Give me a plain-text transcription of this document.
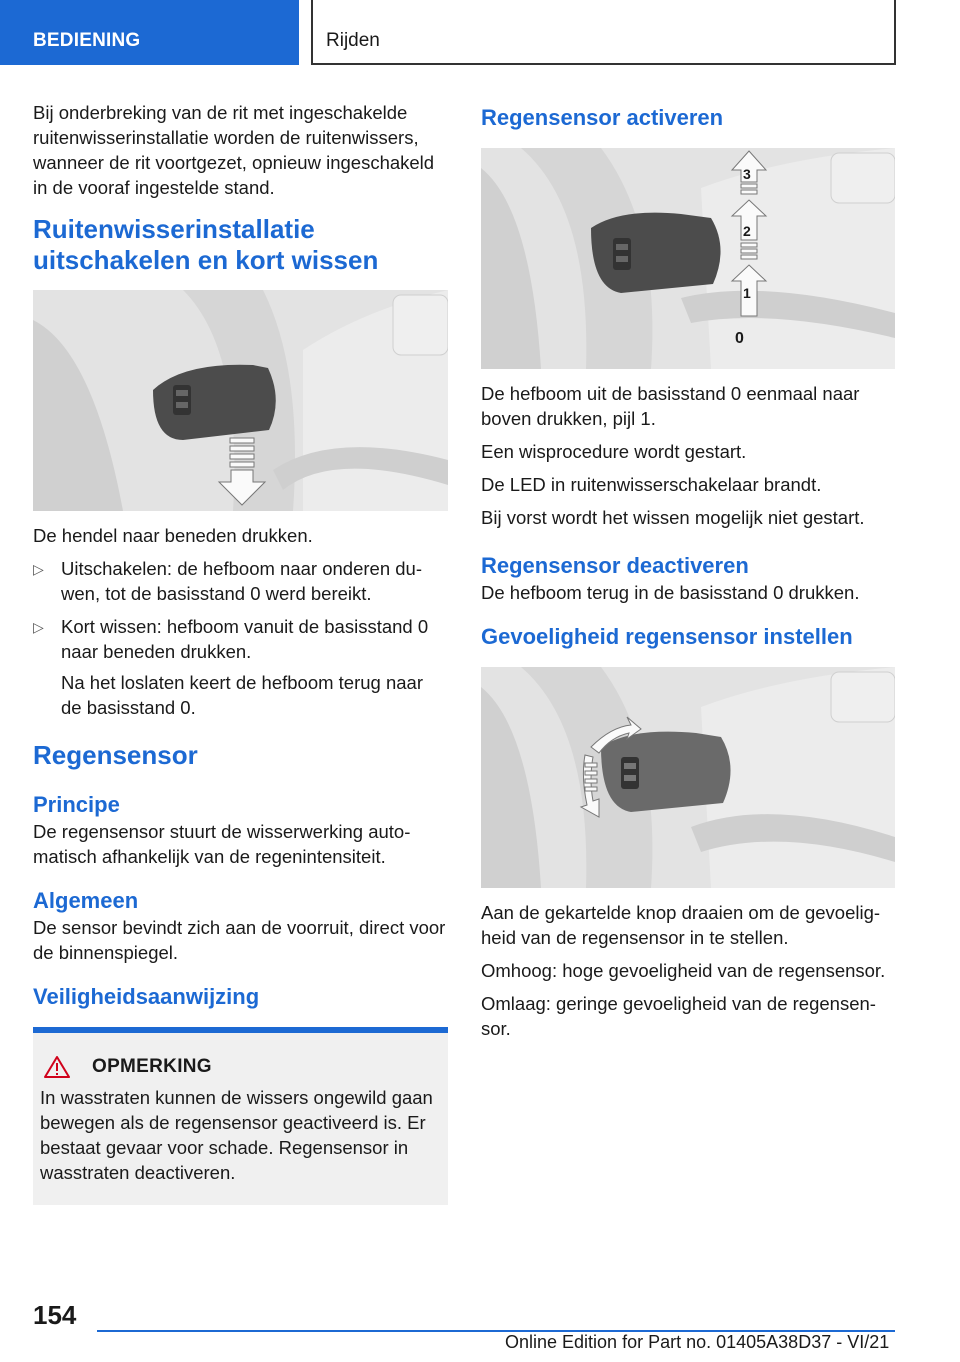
BEDIENING	Rijden

Bij onderbreking van de rit met ingeschakelde ruitenwisserinstallatie worden de ruitenwissers, wanneer de rit voortgezet, opnieuw ingeschakeld in de vooraf ingestelde stand.

Ruitenwisserinstallatie uitschakelen en kort wissen

De hendel naar beneden drukken.

▷ Uitschakelen: de hefboom naar onderen duwen, tot de basisstand 0 werd bereikt.
▷ Kort wissen: hefboom vanuit de basisstand 0 naar beneden drukken.

Na het loslaten keert de hefboom terug naar de basisstand 0.

Regensensor
Principe

De regensensor stuurt de wisserwerking automatisch afhankelijk van de regenintensiteit.

Algemeen

De sensor bevindt zich aan de voorruit, direct voor de binnenspiegel.

Veiligheidsaanwijzing
OPMERKING

In wasstraten kunnen de wissers ongewild gaan bewegen als de regensensor geactiveerd is. Er bestaat gevaar voor schade. Regensensor in wasstraten deactiveren.

Regensensor activeren
3
2
1
0

De hefboom uit de basisstand 0 eenmaal naar boven drukken, pijl 1.

Een wisprocedure wordt gestart.

De LED in ruitenwisserschakelaar brandt.

Bij vorst wordt het wissen mogelijk niet gestart.

Regensensor deactiveren

De hefboom terug in de basisstand 0 drukken.

Gevoeligheid regensensor instellen

Aan de gekartelde knop draaien om de gevoeligheid van de regensensor in te stellen.

Omhoog: hoge gevoeligheid van de regensensor.

Omlaag: geringe gevoeligheid van de regensensor.

154
Online Edition for Part no. 01405A38D37 - VI/21
